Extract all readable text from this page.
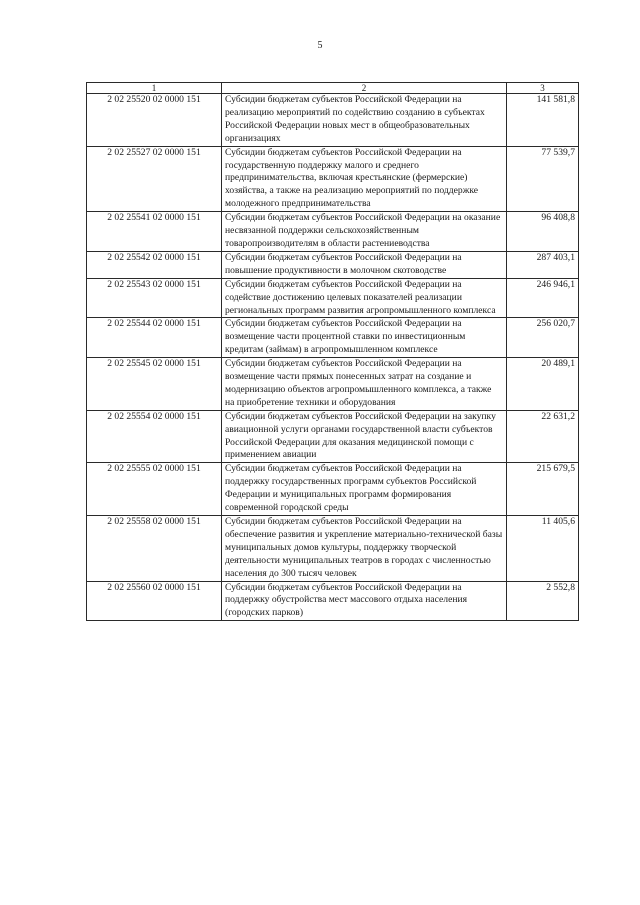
5
1	2	3
2 02 25520 02 0000 151	Субсидии бюджетам субъектов Российской Федерации на реализацию мероприятий по содействию созданию в субъектах Российской Федерации новых мест в общеобразовательных организациях	141 581,8
2 02 25527 02 0000 151	Субсидии бюджетам субъектов Российской Федерации на государственную поддержку малого и среднего предпринимательства, включая крестьянские (фермерские) хозяйства, а также на реализацию мероприятий по поддержке молодежного предпринимательства	77 539,7
2 02 25541 02 0000 151	Субсидии бюджетам субъектов Российской Федерации на оказание несвязанной поддержки сельскохозяйственным товаропроизводителям в области растениеводства	96 408,8
2 02 25542 02 0000 151	Субсидии бюджетам субъектов Российской Федерации на повышение продуктивности в молочном скотоводстве	287 403,1
2 02 25543 02 0000 151	Субсидии бюджетам субъектов Российской Федерации на содействие достижению целевых показателей реализации региональных программ развития агропромышленного комплекса	246 946,1
2 02 25544 02 0000 151	Субсидии бюджетам субъектов Российской Федерации на возмещение части процентной ставки по инвестиционным кредитам (займам) в агропромышленном комплексе	256 020,7
2 02 25545 02 0000 151	Субсидии бюджетам субъектов Российской Федерации на возмещение части прямых понесенных затрат на создание и модернизацию объектов агропромышленного комплекса, а также на приобретение техники и оборудования	20 489,1
2 02 25554 02 0000 151	Субсидии бюджетам субъектов Российской Федерации на закупку авиационной услуги органами государственной власти субъектов Российской Федерации для оказания медицинской помощи с применением авиации	22 631,2
2 02 25555 02 0000 151	Субсидии бюджетам субъектов Российской Федерации на поддержку государственных программ субъектов Российской Федерации и муниципальных программ формирования современной городской среды	215 679,5
2 02 25558 02 0000 151	Субсидии бюджетам субъектов Российской Федерации на обеспечение развития и укрепление материально-технической базы муниципальных домов культуры, поддержку творческой деятельности муниципальных театров в городах с численностью населения до 300 тысяч человек	11 405,6
2 02 25560 02 0000 151	Субсидии бюджетам субъектов Российской Федерации на поддержку обустройства мест массового отдыха населения (городских парков)	2 552,8
